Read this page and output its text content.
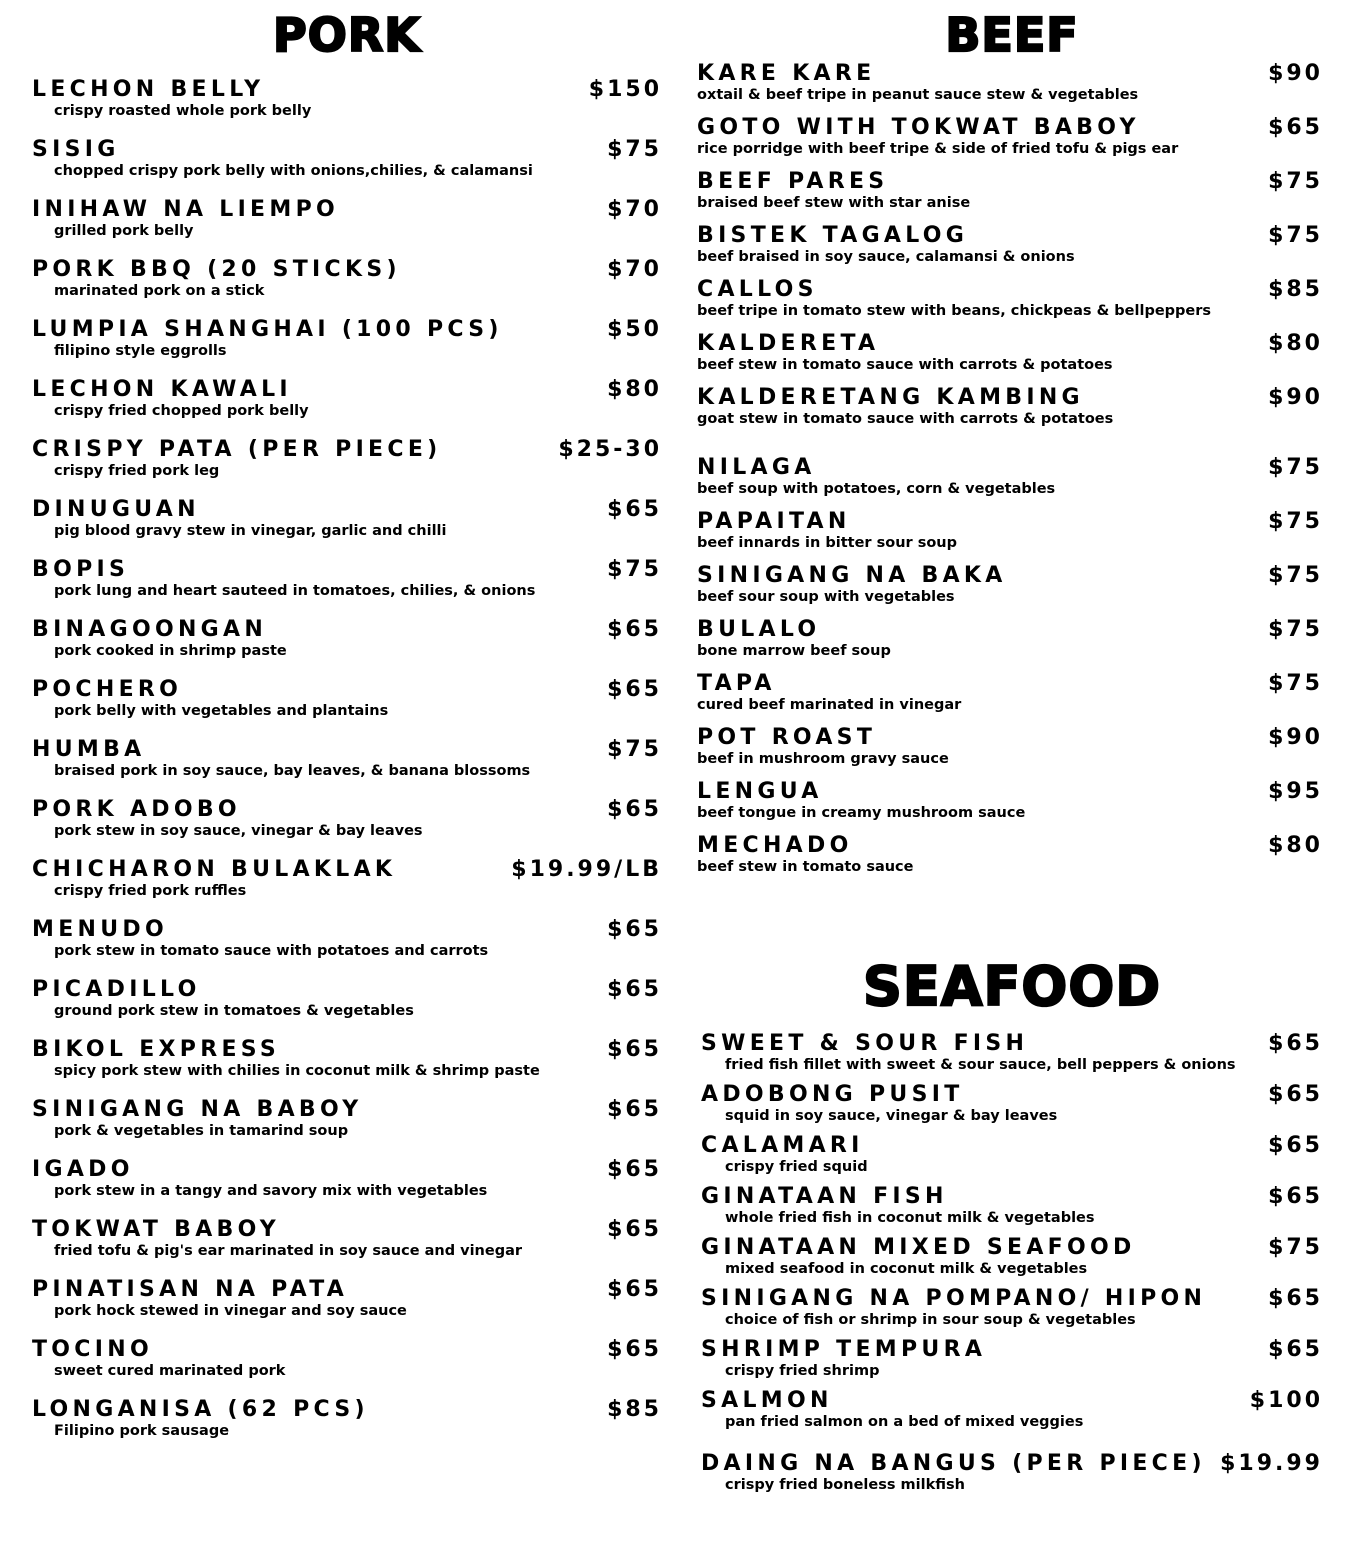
PORK
LECHON BELLY	$150
crispy roasted whole pork belly
SISIG	$75
chopped crispy pork belly with onions,chilies, & calamansi
INIHAW NA LIEMPO	$70
grilled pork belly
PORK BBQ (20 STICKS)	$70
marinated pork on a stick
LUMPIA SHANGHAI (100 PCS)	$50
filipino style eggrolls
LECHON KAWALI	$80
crispy fried chopped pork belly
CRISPY PATA (PER PIECE)	$25-30
crispy fried pork leg
DINUGUAN	$65
pig blood gravy stew in vinegar, garlic and chilli
BOPIS	$75
pork lung and heart sauteed in tomatoes, chilies, & onions
BINAGOONGAN	$65
pork cooked in shrimp paste
POCHERO	$65
pork belly with vegetables and plantains
HUMBA	$75
braised pork in soy sauce, bay leaves, & banana blossoms
PORK ADOBO	$65
pork stew in soy sauce, vinegar & bay leaves
CHICHARON BULAKLAK	$19.99/LB
crispy fried pork ruffles
MENUDO	$65
pork stew in tomato sauce with potatoes and carrots
PICADILLO	$65
ground pork stew in tomatoes & vegetables
BIKOL EXPRESS	$65
spicy pork stew with chilies in coconut milk & shrimp paste
SINIGANG NA BABOY	$65
pork & vegetables in tamarind soup
IGADO	$65
pork stew in a tangy and savory mix with vegetables
TOKWAT BABOY	$65
fried tofu & pig's ear marinated in soy sauce and vinegar
PINATISAN NA PATA	$65
pork hock stewed in vinegar and soy sauce
TOCINO	$65
sweet cured marinated pork
LONGANISA (62 PCS)	$85
Filipino pork sausage
BEEF
KARE KARE	$90
oxtail & beef tripe in peanut sauce stew & vegetables
GOTO WITH TOKWAT BABOY	$65
rice porridge with beef tripe & side of fried tofu & pigs ear
BEEF PARES	$75
braised beef stew with star anise
BISTEK TAGALOG	$75
beef braised in soy sauce, calamansi & onions
CALLOS	$85
beef tripe in tomato stew with beans, chickpeas & bellpeppers
KALDERETA	$80
beef stew in tomato sauce with carrots & potatoes
KALDERETANG KAMBING	$90
goat stew in tomato sauce with carrots & potatoes
NILAGA	$75
beef soup with potatoes, corn & vegetables
PAPAITAN	$75
beef innards in bitter sour soup
SINIGANG NA BAKA	$75
beef sour soup with vegetables
BULALO	$75
bone marrow beef soup
TAPA	$75
cured beef marinated in vinegar
POT ROAST	$90
beef in mushroom gravy sauce
LENGUA	$95
beef tongue in creamy mushroom sauce
MECHADO	$80
beef stew in tomato sauce
SEAFOOD
SWEET & SOUR FISH	$65
fried fish fillet with sweet & sour sauce, bell peppers & onions
ADOBONG PUSIT	$65
squid in soy sauce, vinegar & bay leaves
CALAMARI	$65
crispy fried squid
GINATAAN FISH	$65
whole fried fish in coconut milk & vegetables
GINATAAN MIXED SEAFOOD	$75
mixed seafood in coconut milk & vegetables
SINIGANG NA POMPANO/ HIPON	$65
choice of fish or shrimp in sour soup & vegetables
SHRIMP TEMPURA	$65
crispy fried shrimp
SALMON	$100
pan fried salmon on a bed of mixed veggies
DAING NA BANGUS (PER PIECE) $19.99
crispy fried boneless milkfish
